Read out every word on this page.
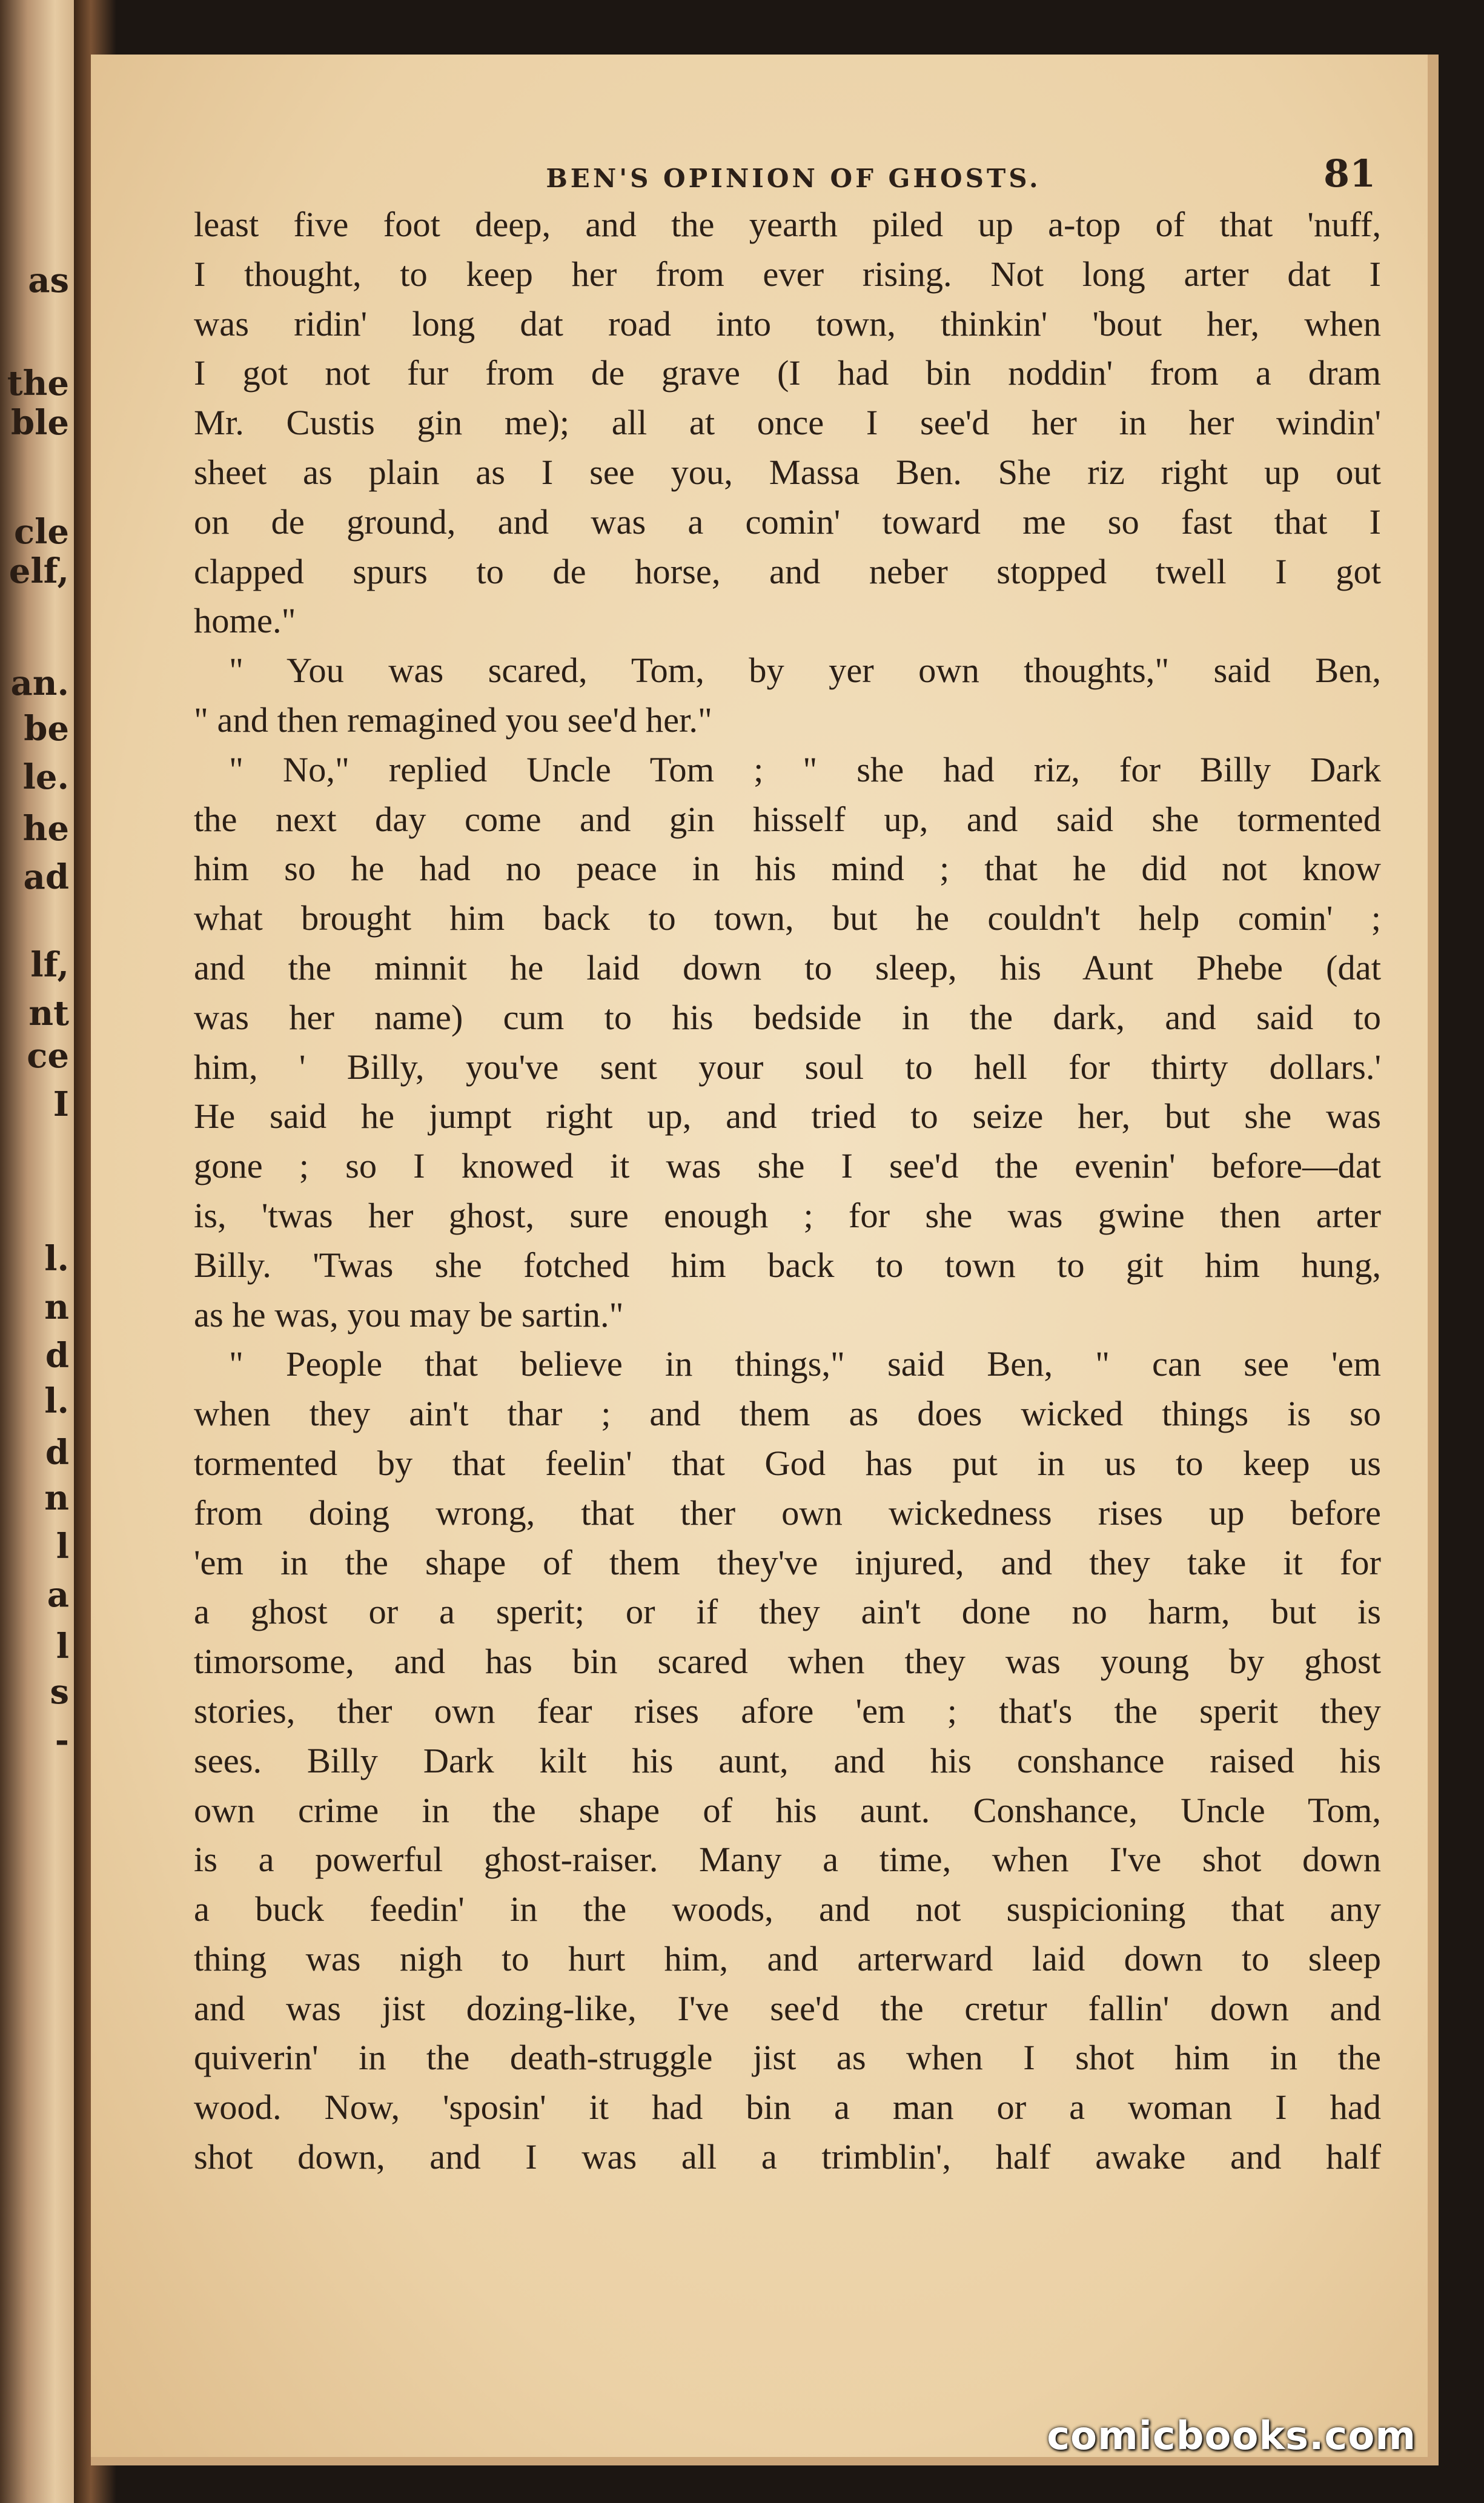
as
the
ble
cle
elf,
an.
be
le.
he
ad
lf,
nt
ce
I
l.
n
d
l.
d
n
l
a
l
s
-
BEN'S OPINION OF GHOSTS.	81
least five foot deep, and the yearth piled up a-top of that 'nuff,
I thought, to keep her from ever rising. Not long arter dat I
was ridin' long dat road into town, thinkin' 'bout her, when
I got not fur from de grave (I had bin noddin' from a dram
Mr. Custis gin me); all at once I see'd her in her windin'
sheet as plain as I see you, Massa Ben. She riz right up out
on de ground, and was a comin' toward me so fast that I
clapped spurs to de horse, and neber stopped twell I got
home."
" You was scared, Tom, by yer own thoughts," said Ben,
" and then remagined you see'd her."
" No," replied Uncle Tom ; " she had riz, for Billy Dark
the next day come and gin hisself up, and said she tormented
him so he had no peace in his mind ; that he did not know
what brought him back to town, but he couldn't help comin' ;
and the minnit he laid down to sleep, his Aunt Phebe (dat
was her name) cum to his bedside in the dark, and said to
him, ' Billy, you've sent your soul to hell for thirty dollars.'
He said he jumpt right up, and tried to seize her, but she was
gone ; so I knowed it was she I see'd the evenin' before—dat
is, 'twas her ghost, sure enough ; for she was gwine then arter
Billy. 'Twas she fotched him back to town to git him hung,
as he was, you may be sartin."
" People that believe in things," said Ben, " can see 'em
when they ain't thar ; and them as does wicked things is so
tormented by that feelin' that God has put in us to keep us
from doing wrong, that ther own wickedness rises up before
'em in the shape of them they've injured, and they take it for
a ghost or a sperit; or if they ain't done no harm, but is
timorsome, and has bin scared when they was young by ghost
stories, ther own fear rises afore 'em ; that's the sperit they
sees. Billy Dark kilt his aunt, and his conshance raised his
own crime in the shape of his aunt. Conshance, Uncle Tom,
is a powerful ghost-raiser. Many a time, when I've shot down
a buck feedin' in the woods, and not suspicioning that any
thing was nigh to hurt him, and arterward laid down to sleep
and was jist dozing-like, I've see'd the cretur fallin' down and
quiverin' in the death-struggle jist as when I shot him in the
wood. Now, 'sposin' it had bin a man or a woman I had
shot down, and I was all a trimblin', half awake and half
comicbooks.com
